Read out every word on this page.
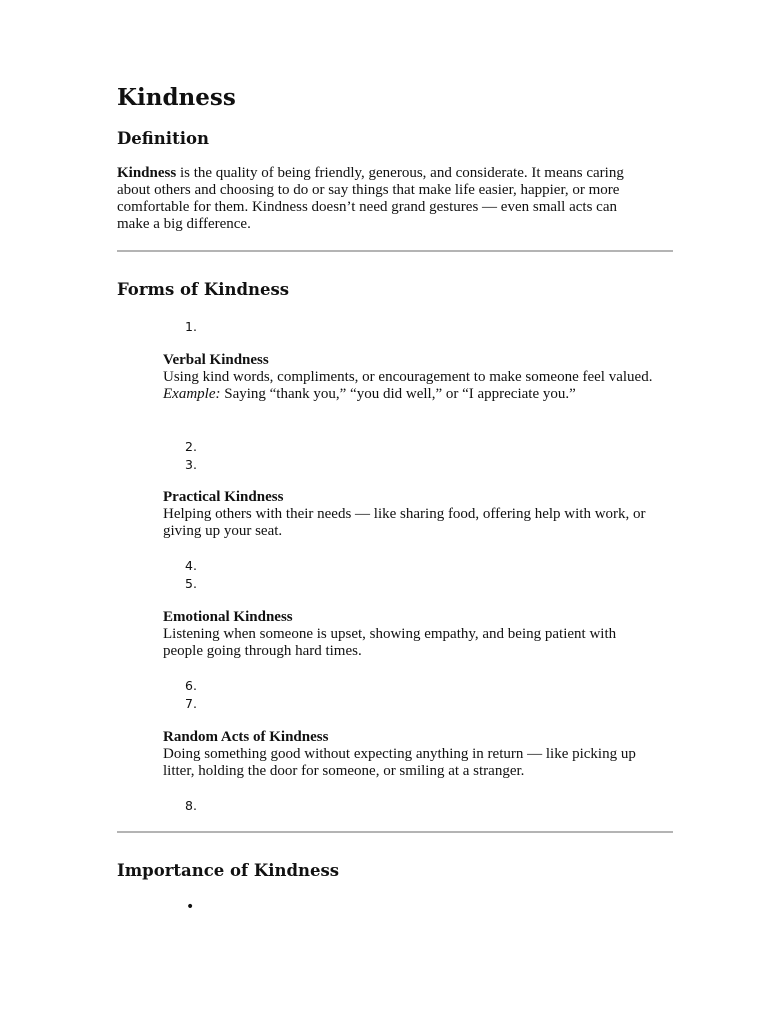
Kindness
Definition

Kindness is the quality of being friendly, generous, and considerate. It means caring about others and choosing to do or say things that make life easier, happier, or more comfortable for them. Kindness doesn’t need grand gestures — even small acts can make a big difference.

Forms of Kindness
1.
2.
3.
4.
5.
6.
7.
8.
Verbal Kindness
Using kind words, compliments, or encouragement to make someone feel valued.
Example: Saying “thank you,” “you did well,” or “I appreciate you.”
Practical Kindness
Helping others with their needs — like sharing food, offering help with work, or giving up your seat.
Emotional Kindness
Listening when someone is upset, showing empathy, and being patient with people going through hard times.
Random Acts of Kindness
Doing something good without expecting anything in return — like picking up litter, holding the door for someone, or smiling at a stranger.
Importance of Kindness
•
